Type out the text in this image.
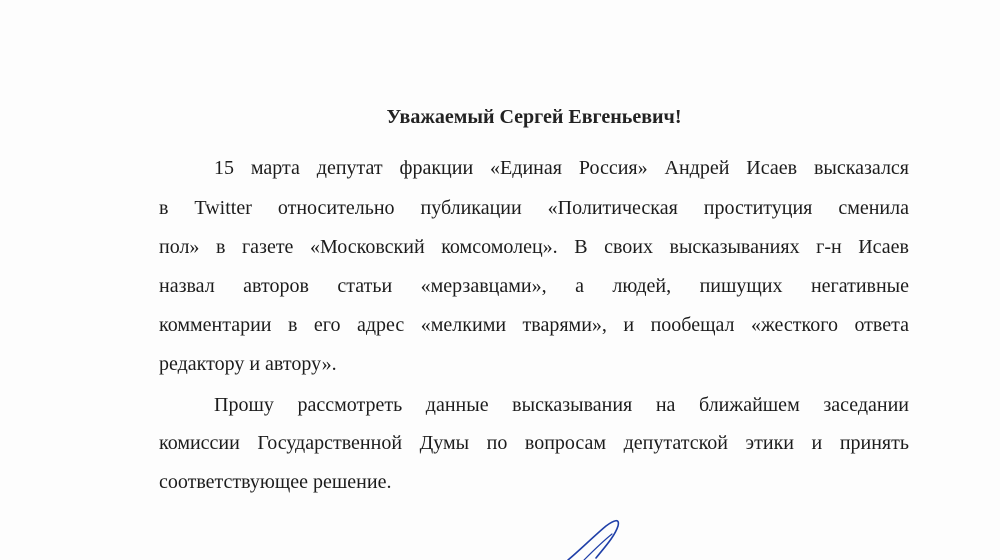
Уважаемый Сергей Евгеньевич!
15 марта депутат фракции «Единая Россия» Андрей Исаев высказался
в Twitter относительно публикации «Политическая проституция сменила
пол» в газете «Московский комсомолец». В своих высказываниях г-н Исаев
назвал авторов статьи «мерзавцами», а людей, пишущих негативные
комментарии в его адрес «мелкими тварями», и пообещал «жесткого ответа
редактору и автору».
Прошу рассмотреть данные высказывания на ближайшем заседании
комиссии Государственной Думы по вопросам депутатской этики и принять
соответствующее решение.
